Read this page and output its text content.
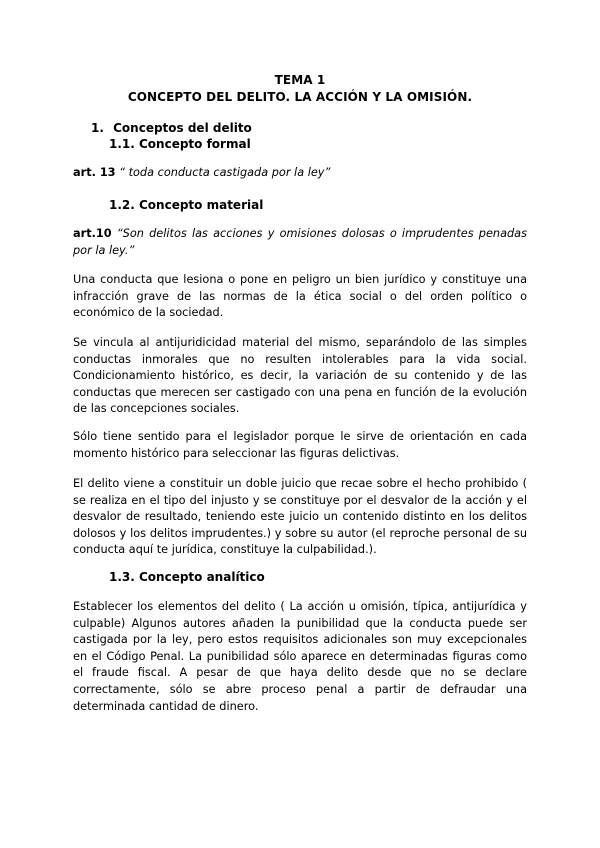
TEMA 1
CONCEPTO DEL DELITO. LA ACCIÓN Y LA OMISIÓN.
1. Conceptos del delito
1.1. Concepto formal
art. 13 “ toda conducta castigada por la ley”
1.2. Concepto material
art.10 “Son delitos las acciones y omisiones dolosas o imprudentes penadas por la ley.”
Una conducta que lesiona o pone en peligro un bien jurídico y constituye una infracción grave de las normas de la ética social o del orden político o económico de la sociedad.
Se vincula al antijuridicidad material del mismo, separándolo de las simples conductas inmorales que no resulten intolerables para la vida social. Condicionamiento histórico, es decir, la variación de su contenido y de las conductas que merecen ser castigado con una pena en función de la evolución de las concepciones sociales.
Sólo tiene sentido para el legislador porque le sirve de orientación en cada momento histórico para seleccionar las figuras delictivas.
El delito viene a constituir un doble juicio que recae sobre el hecho prohibido ( se realiza en el tipo del injusto y se constituye por el desvalor de la acción y el desvalor de resultado, teniendo este juicio un contenido distinto en los delitos dolosos y los delitos imprudentes.) y sobre su autor (el reproche personal de su conducta aquí te jurídica, constituye la culpabilidad.).
1.3. Concepto analítico
Establecer los elementos del delito ( La acción u omisión, típica, antijurídica y culpable) Algunos autores añaden la punibilidad que la conducta puede ser castigada por la ley, pero estos requisitos adicionales son muy excepcionales en el Código Penal. La punibilidad sólo aparece en determinadas figuras como el fraude fiscal. A pesar de que haya delito desde que no se declare correctamente, sólo se abre proceso penal a partir de defraudar una determinada cantidad de dinero.
